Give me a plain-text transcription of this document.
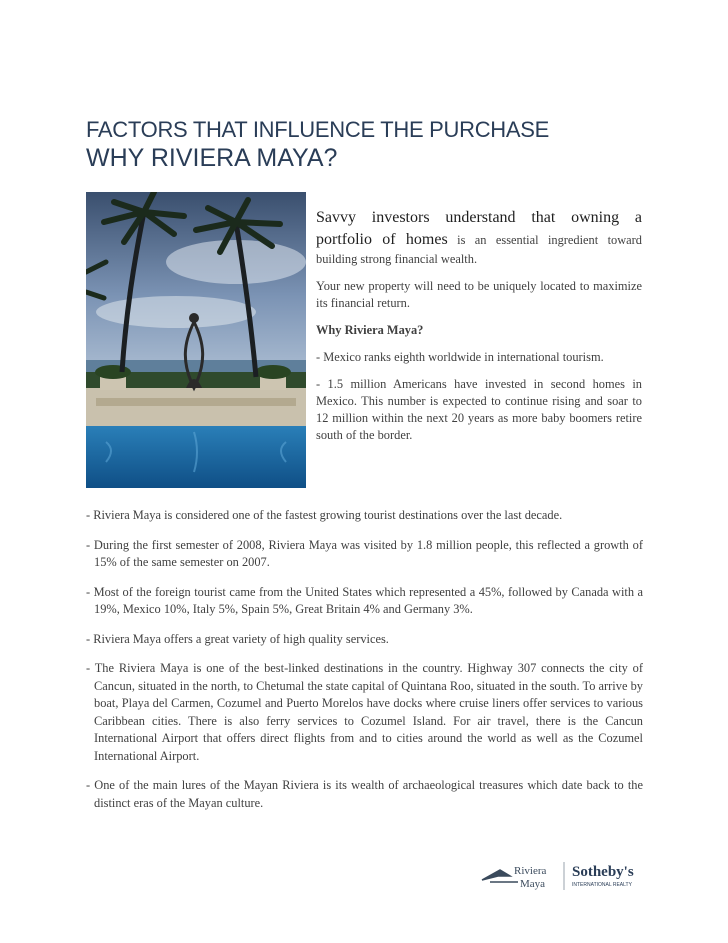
FACTORS THAT INFLUENCE THE PURCHASE
WHY RIVIERA MAYA?
Savvy investors understand that owning a portfolio of homes is an essential ingredient toward building strong financial wealth.

Your new property will need to be uniquely located to maximize its financial return.

Why Riviera Maya?

- Mexico ranks eighth worldwide in international tourism.

- 1.5 million Americans have invested in second homes in Mexico. This number is expected to continue rising and soar to 12 million within the next 20 years as more baby boomers retire south of the border.

- Riviera Maya is considered one of the fastest growing tourist destinations over the last decade.

- During the first semester of 2008, Riviera Maya was visited by 1.8 million people, this reflected a growth of 15% of the same semester on 2007.

- Most of the foreign tourist came from the United States which represented a 45%, followed by Canada with a 19%, Mexico 10%, Italy 5%, Spain 5%, Great Britain 4% and Germany 3%.

- Riviera Maya offers a great variety of high quality services.

- The Riviera Maya is one of the best-linked destinations in the country. Highway 307 connects the city of Cancun, situated in the north, to Chetumal the state capital of Quintana Roo, situated in the south. To arrive by boat, Playa del Carmen, Cozumel and Puerto Morelos have docks where cruise liners offer services to various Caribbean cities. There is also ferry services to Cozumel Island. For air travel, there is the Cancun International Airport that offers direct flights from and to cities around the world as well as the Cozumel International Airport.

- One of the main lures of the Mayan Riviera is its wealth of archaeological treasures which date back to the distinct eras of the Mayan culture.

Riviera
Maya
Sotheby's
INTERNATIONAL REALTY
